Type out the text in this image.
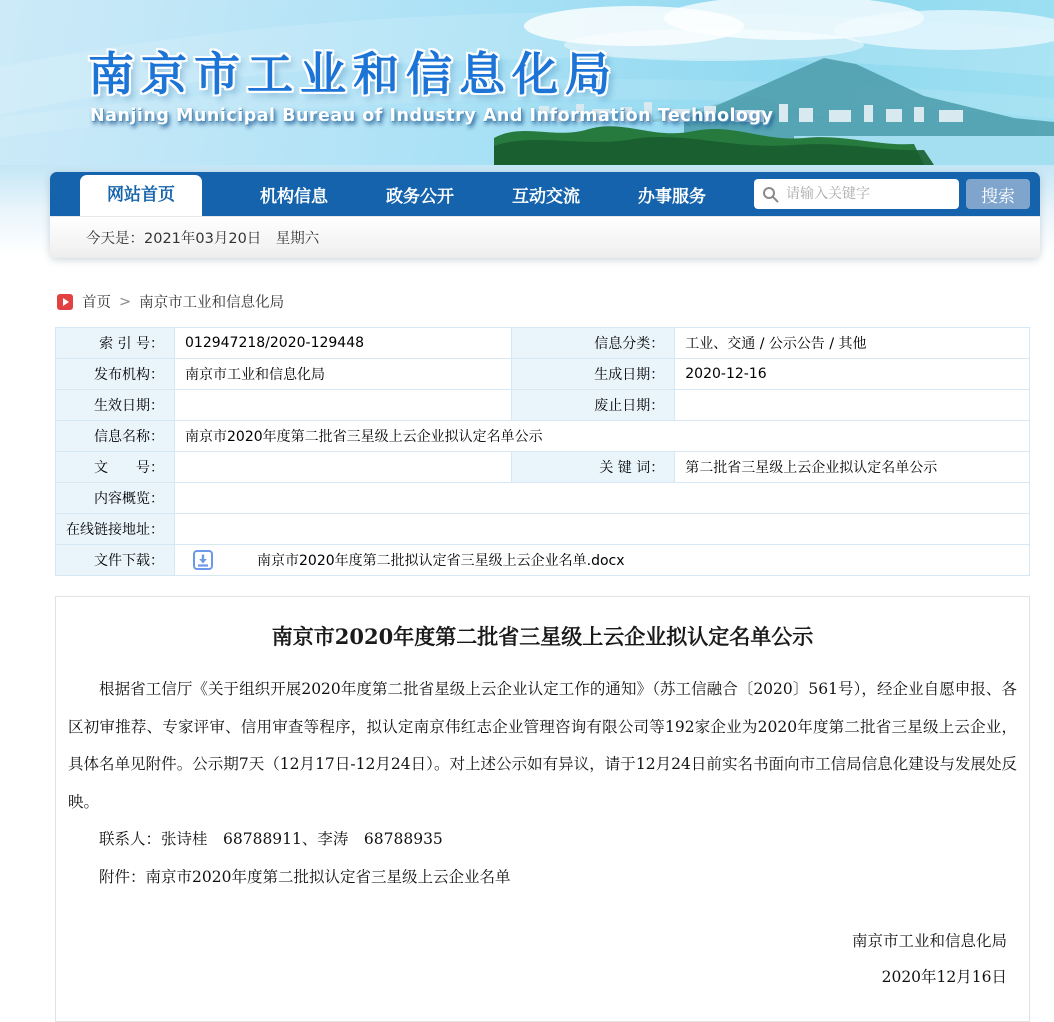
南京市工业和信息化局
Nanjing Municipal Bureau of Industry And Information Technology
网站首页	机构信息	政务公开	互动交流	办事服务
请输入关键字	搜索
今天是：2021年03月20日　星期六
首页 > 南京市工业和信息化局
索 引 号：	012947218/2020-129448	信息分类：	工业、交通 / 公示公告 / 其他
发布机构：	南京市工业和信息化局	生成日期：	2020-12-16
生效日期：		废止日期：	
信息名称：	南京市2020年度第二批省三星级上云企业拟认定名单公示		
文　　号：		关 键 词：	第二批省三星级上云企业拟认定名单公示
内容概览：			
在线链接地址：			
文件下载：	南京市2020年度第二批拟认定省三星级上云企业名单.docx		
南京市2020年度第二批省三星级上云企业拟认定名单公示

根据省工信厅《关于组织开展2020年度第二批省星级上云企业认定工作的通知》（苏工信融合〔2020〕561号），经企业自愿申报、各区初审推荐、专家评审、信用审查等程序，拟认定南京伟红志企业管理咨询有限公司等192家企业为2020年度第二批省三星级上云企业，具体名单见附件。公示期7天（12月17日-12月24日）。对上述公示如有异议，请于12月24日前实名书面向市工信局信息化建设与发展处反映。

联系人：张诗桂　68788911、李涛　68788935

附件：南京市2020年度第二批拟认定省三星级上云企业名单

南京市工业和信息化局

2020年12月16日
